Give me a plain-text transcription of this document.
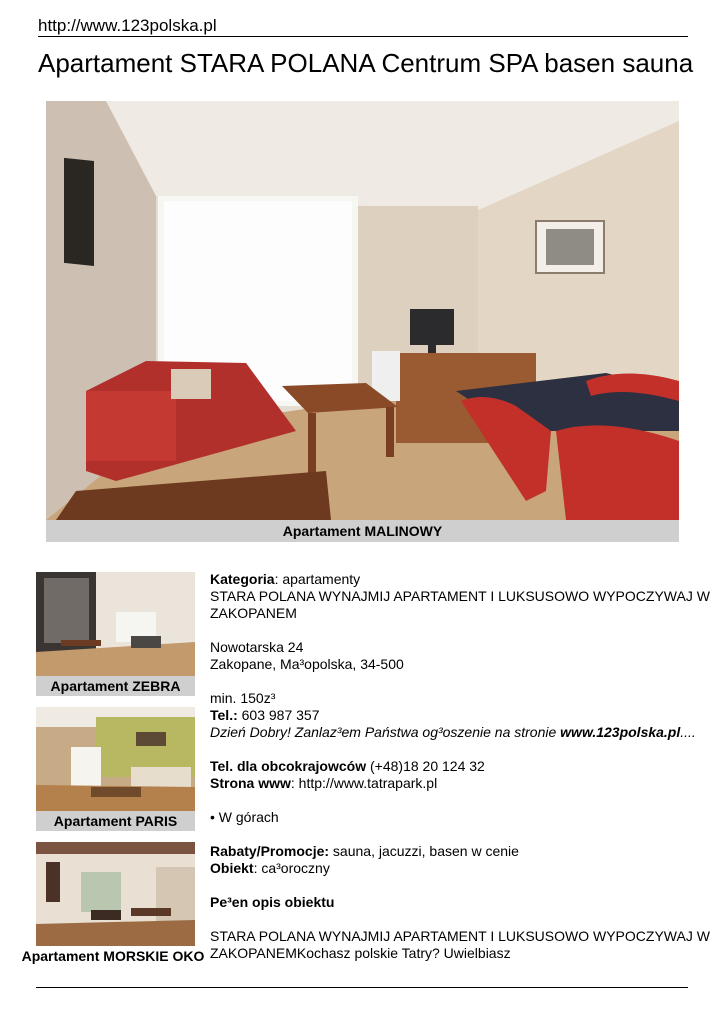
http://www.123polska.pl
Apartament STARA POLANA Centrum SPA basen sauna
Apartament MALINOWY
Apartament ZEBRA
Apartament PARIS
Apartament MORSKIE OKO

Kategoria: apartamenty

STARA POLANA WYNAJMIJ APARTAMENT I LUKSUSOWO WYPOCZYWAJ W ZAKOPANEM

Nowotarska 24

Zakopane, Ma³opolska, 34-500

min. 150z³

Tel.: 603 987 357

Dzień Dobry! Zanlaz³em Państwa og³oszenie na stronie www.123polska.pl....

Tel. dla obcokrajowców (+48)18 20 124 32

Strona www: http://www.tatrapark.pl

• W górach

Rabaty/Promocje: sauna, jacuzzi, basen w cenie

Obiekt: ca³oroczny

Pe³en opis obiektu

STARA POLANA WYNAJMIJ APARTAMENT I LUKSUSOWO WYPOCZYWAJ W ZAKOPANEMKochasz polskie Tatry? Uwielbiasz
